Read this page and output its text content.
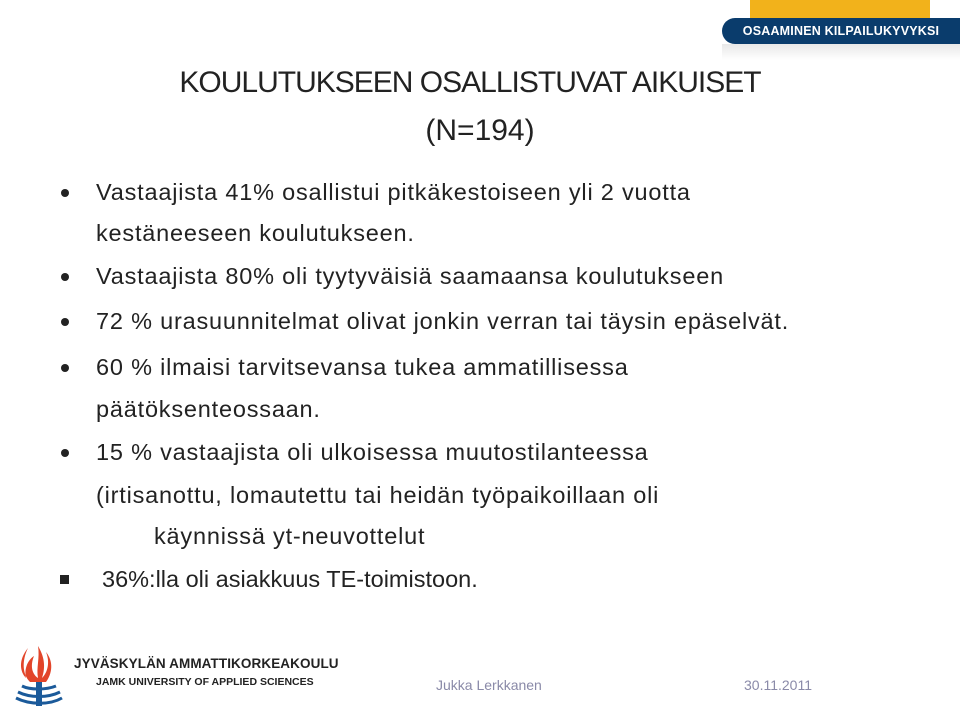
OSAAMINEN KILPAILUKYVYKSI
KOULUTUKSEEN OSALLISTUVAT AIKUISET
(N=194)
Vastaajista 41% osallistui pitkäkestoiseen yli 2 vuotta
kestäneeseen koulutukseen.
Vastaajista 80% oli tyytyväisiä saamaansa koulutukseen
72 % urasuunnitelmat olivat jonkin verran tai täysin epäselvät.
60 % ilmaisi tarvitsevansa tukea ammatillisessa
päätöksenteossaan.
15 % vastaajista oli ulkoisessa muutostilanteessa
(irtisanottu, lomautettu tai heidän työpaikoillaan oli
käynnissä yt-neuvottelut
36%:lla oli asiakkuus TE-toimistoon.
JYVÄSKYLÄN AMMATTIKORKEAKOULU
JAMK UNIVERSITY OF APPLIED SCIENCES	Jukka Lerkkanen	30.11.2011
